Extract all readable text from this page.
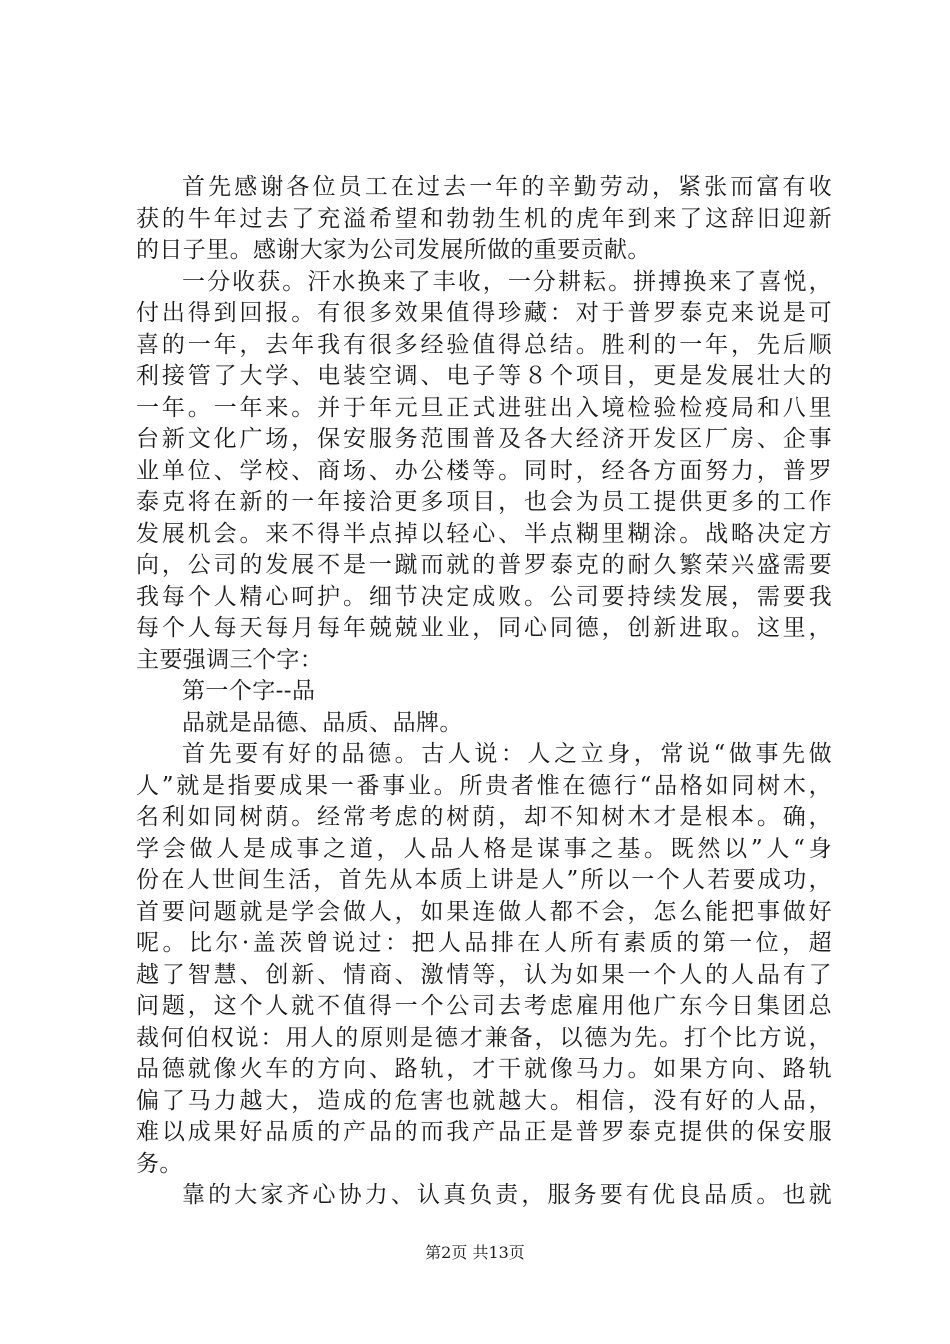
首先感谢各位员工在过去一年的辛勤劳动，紧张而富有收
获的牛年过去了充溢希望和勃勃生机的虎年到来了这辞旧迎新
的日子里。感谢大家为公司发展所做的重要贡献。
一分收获。汗水换来了丰收，一分耕耘。拼搏换来了喜悦，
付出得到回报。有很多效果值得珍藏：对于普罗泰克来说是可
喜的一年，去年我有很多经验值得总结。胜利的一年，先后顺
利接管了大学、电装空调、电子等８个项目，更是发展壮大的
一年。一年来。并于年元旦正式进驻出入境检验检疫局和八里
台新文化广场，保安服务范围普及各大经济开发区厂房、企事
业单位、学校、商场、办公楼等。同时，经各方面努力，普罗
泰克将在新的一年接洽更多项目，也会为员工提供更多的工作
发展机会。来不得半点掉以轻心、半点糊里糊涂。战略决定方
向，公司的发展不是一蹴而就的普罗泰克的耐久繁荣兴盛需要
我每个人精心呵护。细节决定成败。公司要持续发展，需要我
每个人每天每月每年兢兢业业，同心同德，创新进取。这里，
主要强调三个字：
第一个字--品
品就是品德、品质、品牌。
首先要有好的品德。古人说：人之立身，常说“做事先做
人”就是指要成果一番事业。所贵者惟在德行“品格如同树木，
名利如同树荫。经常考虑的树荫，却不知树木才是根本。确，
学会做人是成事之道，人品人格是谋事之基。既然以”人“身
份在人世间生活，首先从本质上讲是人”所以一个人若要成功，
首要问题就是学会做人，如果连做人都不会，怎么能把事做好
呢。比尔·盖茨曾说过：把人品排在人所有素质的第一位，超
越了智慧、创新、情商、激情等，认为如果一个人的人品有了
问题，这个人就不值得一个公司去考虑雇用他广东今日集团总
裁何伯权说：用人的原则是德才兼备，以德为先。打个比方说，
品德就像火车的方向、路轨，才干就像马力。如果方向、路轨
偏了马力越大，造成的危害也就越大。相信，没有好的人品，
难以成果好品质的产品的而我产品正是普罗泰克提供的保安服
务。
靠的大家齐心协力、认真负责，服务要有优良品质。也就
第2页 共13页
